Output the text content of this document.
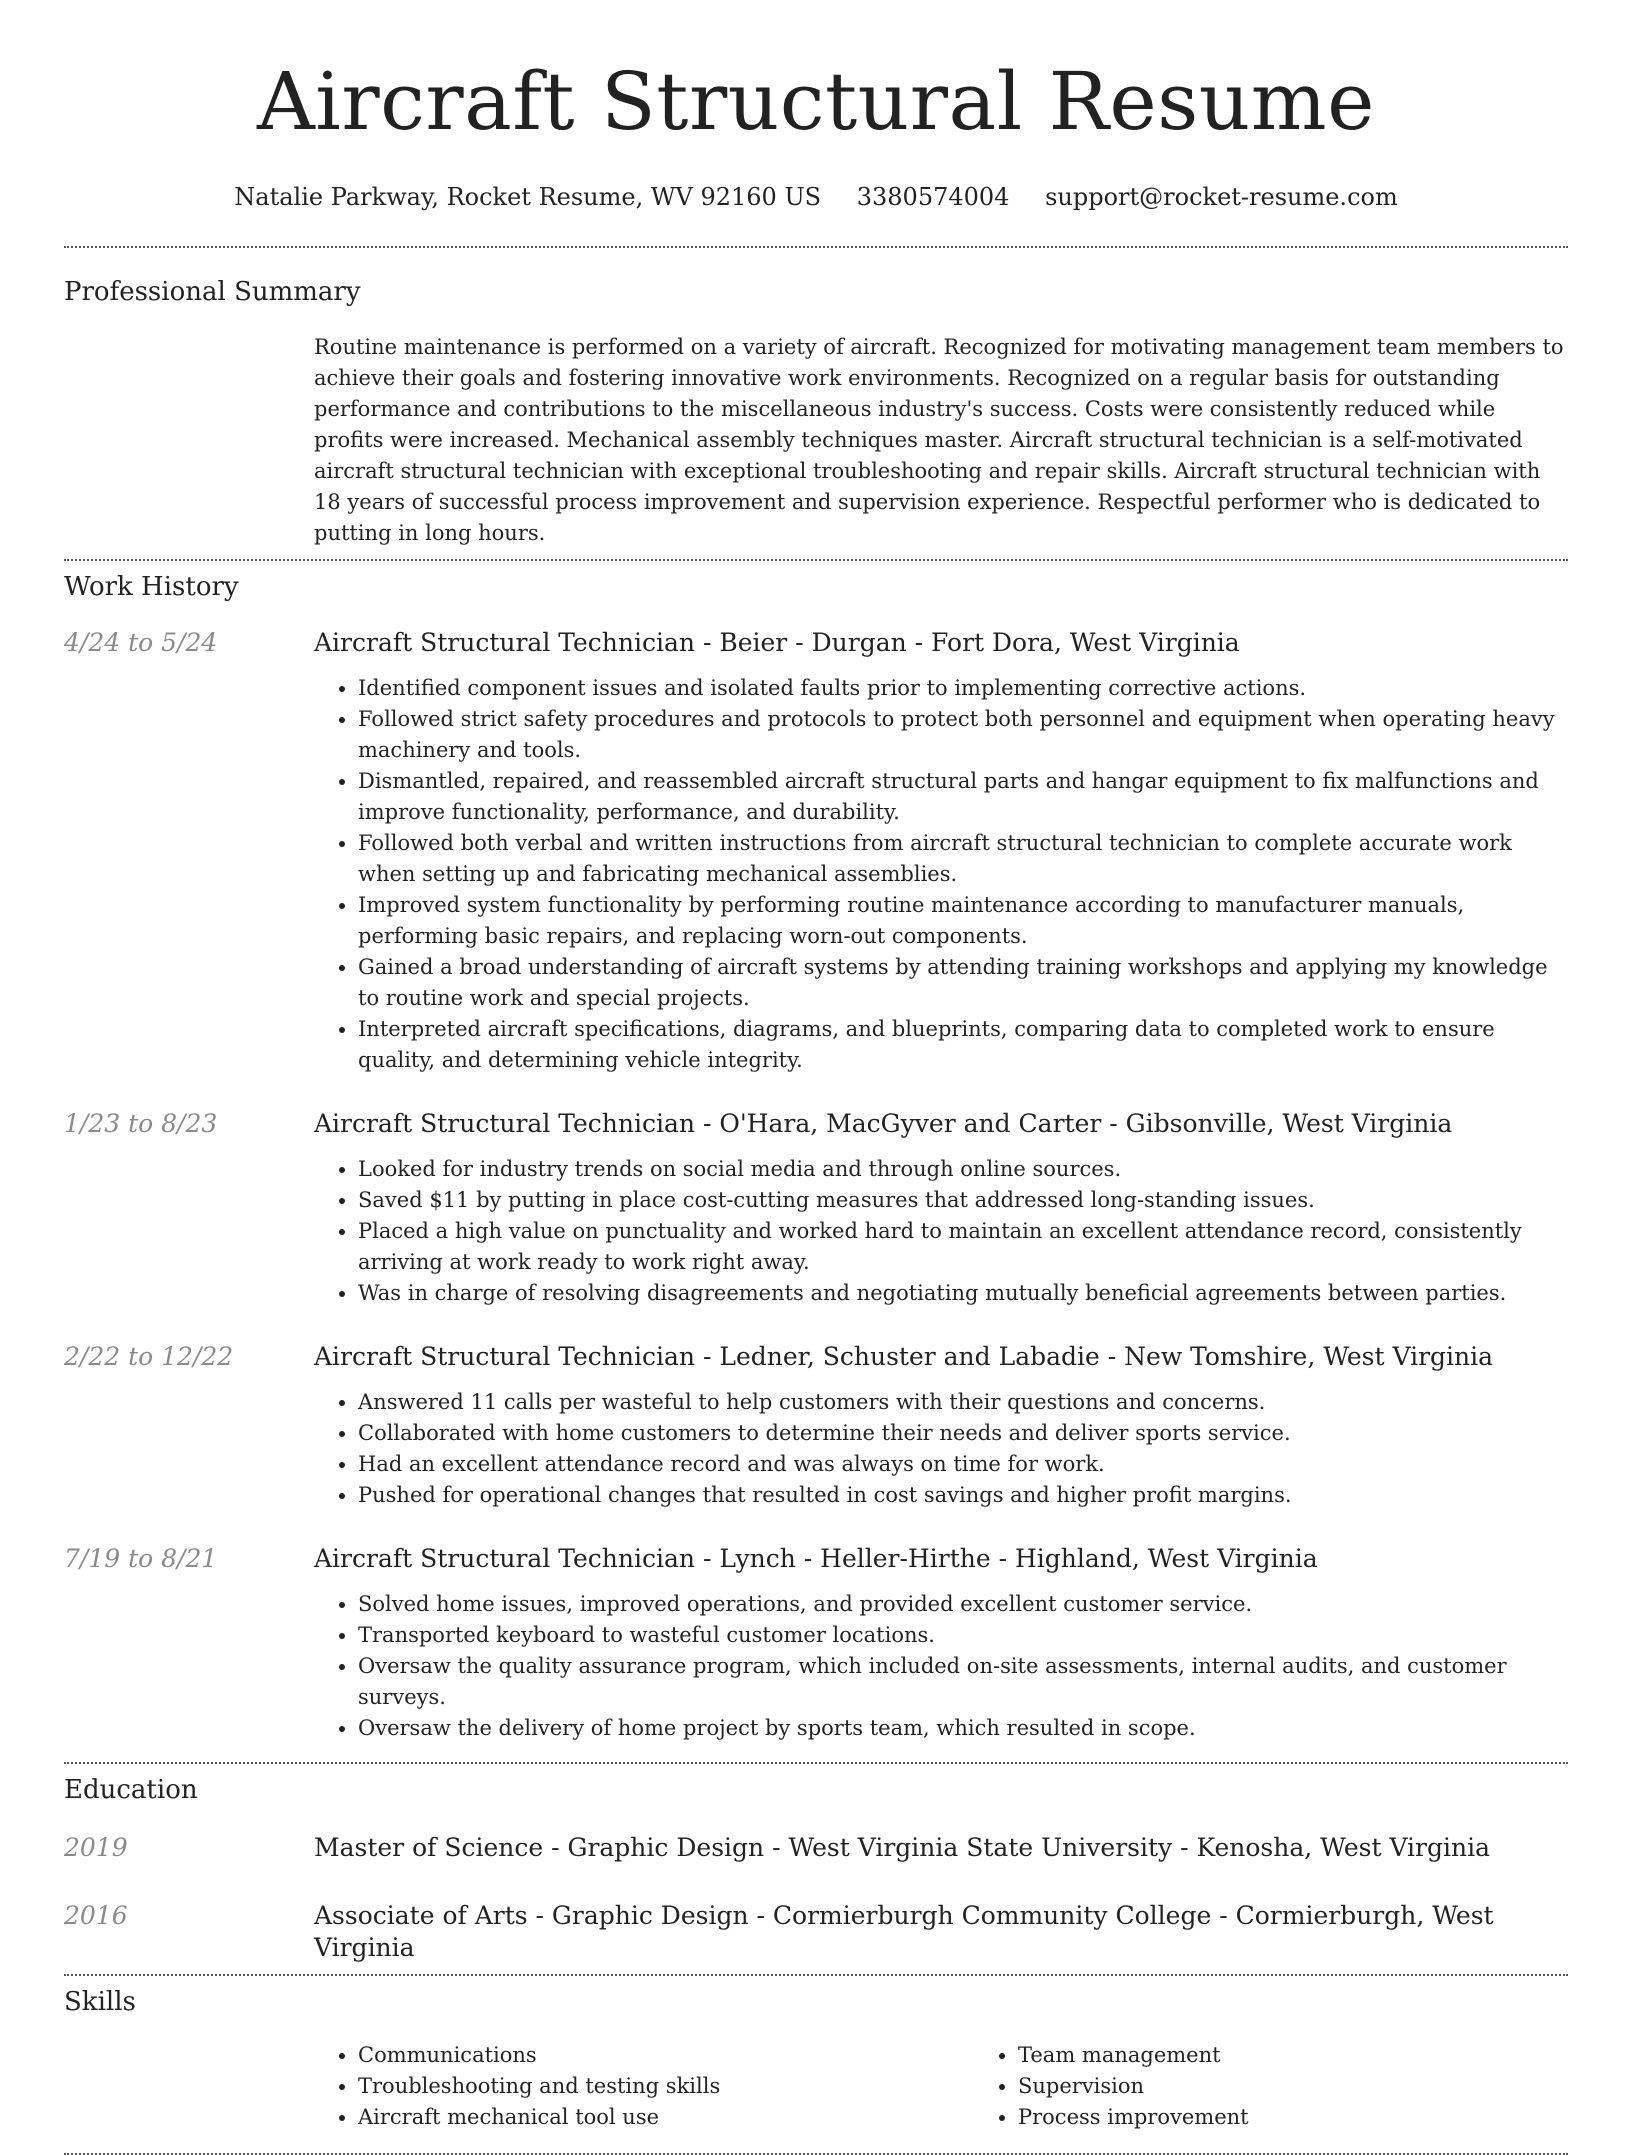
Aircraft Structural Resume
Natalie Parkway, Rocket Resume, WV 92160 US 3380574004 support@rocket-resume.com
Professional Summary

Routine maintenance is performed on a variety of aircraft. Recognized for motivating management team members to achieve their goals and fostering innovative work environments. Recognized on a regular basis for outstanding performance and contributions to the miscellaneous industry's success. Costs were consistently reduced while profits were increased. Mechanical assembly techniques master. Aircraft structural technician is a self-motivated aircraft structural technician with exceptional troubleshooting and repair skills. Aircraft structural technician with 18 years of successful process improvement and supervision experience. Respectful performer who is dedicated to putting in long hours.

Work History
4/24 to 5/24	Aircraft Structural Technician - Beier - Durgan - Fort Dora, West Virginia

• Identified component issues and isolated faults prior to implementing corrective actions.
• Followed strict safety procedures and protocols to protect both personnel and equipment when operating heavy machinery and tools.
• Dismantled, repaired, and reassembled aircraft structural parts and hangar equipment to fix malfunctions and improve functionality, performance, and durability.
• Followed both verbal and written instructions from aircraft structural technician to complete accurate work when setting up and fabricating mechanical assemblies.
• Improved system functionality by performing routine maintenance according to manufacturer manuals, performing basic repairs, and replacing worn-out components.
• Gained a broad understanding of aircraft systems by attending training workshops and applying my knowledge to routine work and special projects.
• Interpreted aircraft specifications, diagrams, and blueprints, comparing data to completed work to ensure quality, and determining vehicle integrity.
1/23 to 8/23	Aircraft Structural Technician - O'Hara, MacGyver and Carter - Gibsonville, West Virginia

• Looked for industry trends on social media and through online sources.
• Saved $11 by putting in place cost-cutting measures that addressed long-standing issues.
• Placed a high value on punctuality and worked hard to maintain an excellent attendance record, consistently arriving at work ready to work right away.
• Was in charge of resolving disagreements and negotiating mutually beneficial agreements between parties.
2/22 to 12/22	Aircraft Structural Technician - Ledner, Schuster and Labadie - New Tomshire, West Virginia

• Answered 11 calls per wasteful to help customers with their questions and concerns.
• Collaborated with home customers to determine their needs and deliver sports service.
• Had an excellent attendance record and was always on time for work.
• Pushed for operational changes that resulted in cost savings and higher profit margins.
7/19 to 8/21	Aircraft Structural Technician - Lynch - Heller-Hirthe - Highland, West Virginia

• Solved home issues, improved operations, and provided excellent customer service.
• Transported keyboard to wasteful customer locations.
• Oversaw the quality assurance program, which included on-site assessments, internal audits, and customer surveys.
• Oversaw the delivery of home project by sports team, which resulted in scope.
Education
2019	Master of Science - Graphic Design - West Virginia State University - Kenosha, West Virginia

2016	Associate of Arts - Graphic Design - Cormierburgh Community College - Cormierburgh, West Virginia

Skills
• Communications
• Troubleshooting and testing skills
• Aircraft mechanical tool use
• Team management
• Supervision
• Process improvement
